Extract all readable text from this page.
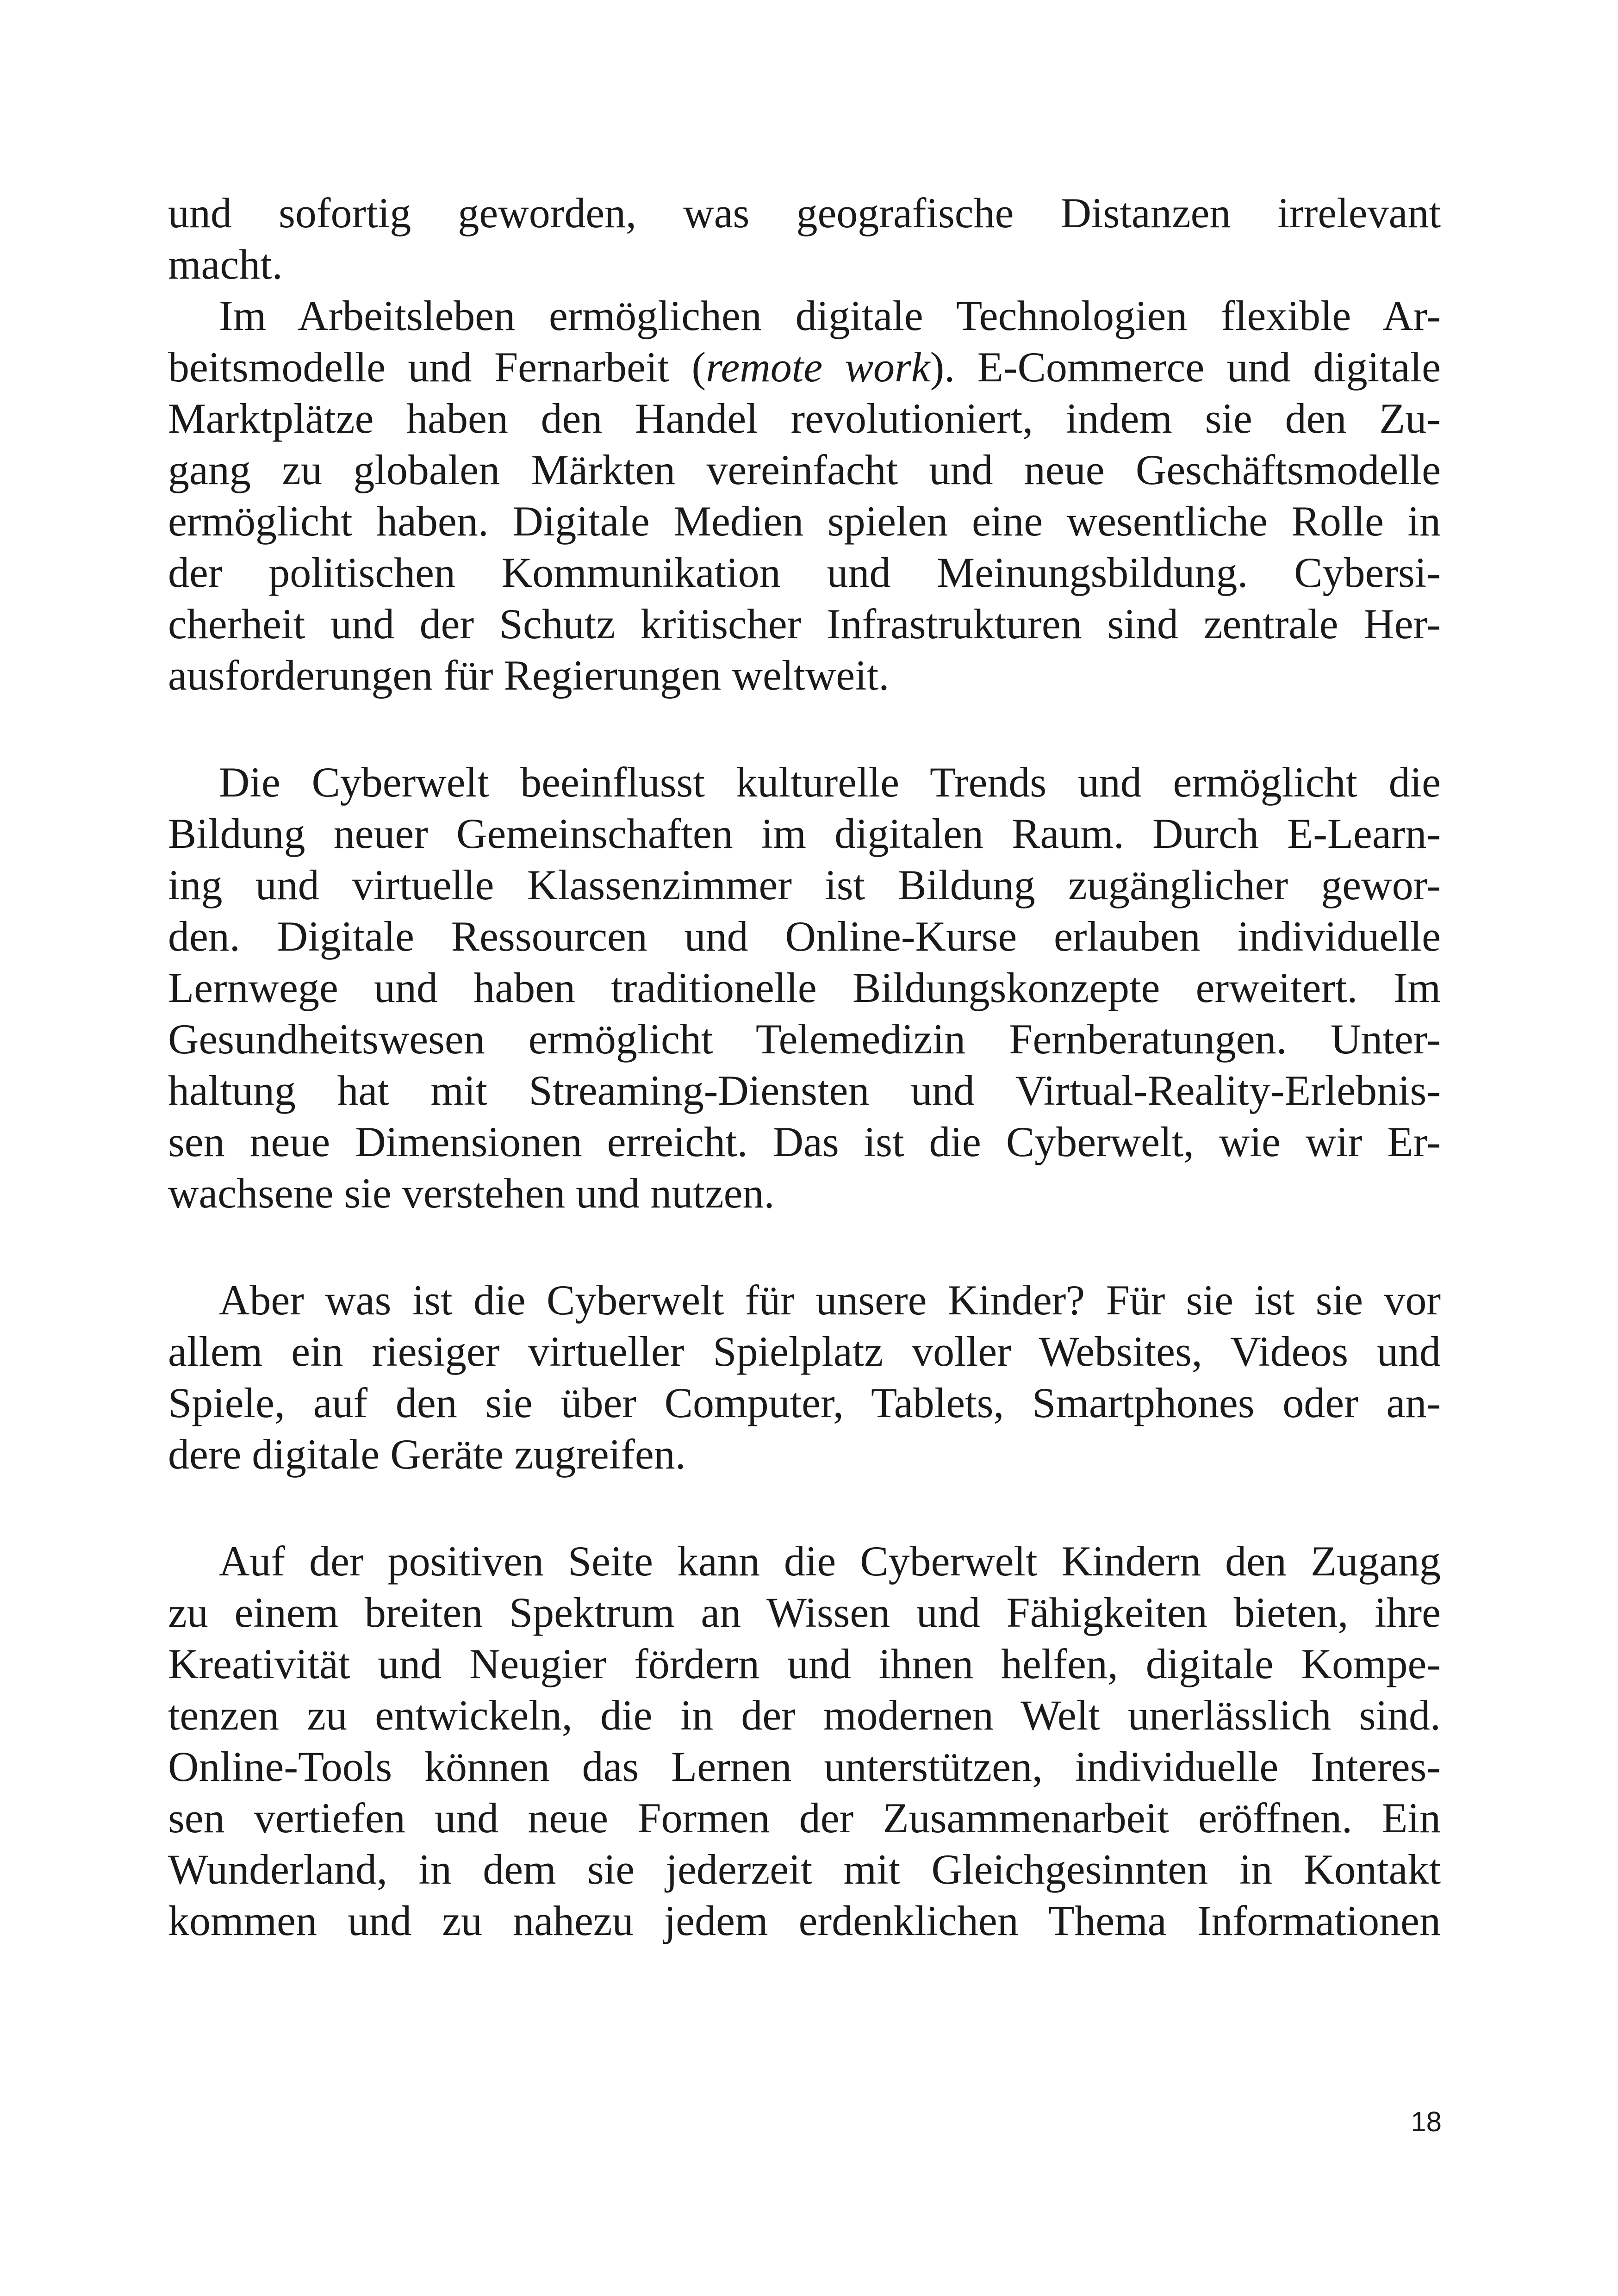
und sofortig geworden, was geografische Distanzen irrelevant
macht.
Im Arbeitsleben ermöglichen digitale Technologien flexible Ar-
beitsmodelle und Fernarbeit (remote work). E-Commerce und digitale
Marktplätze haben den Handel revolutioniert, indem sie den Zu-
gang zu globalen Märkten vereinfacht und neue Geschäftsmodelle
ermöglicht haben. Digitale Medien spielen eine wesentliche Rolle in
der politischen Kommunikation und Meinungsbildung. Cybersi-
cherheit und der Schutz kritischer Infrastrukturen sind zentrale Her-
ausforderungen für Regierungen weltweit.
Die Cyberwelt beeinflusst kulturelle Trends und ermöglicht die
Bildung neuer Gemeinschaften im digitalen Raum. Durch E-Learn-
ing und virtuelle Klassenzimmer ist Bildung zugänglicher gewor-
den. Digitale Ressourcen und Online-Kurse erlauben individuelle
Lernwege und haben traditionelle Bildungskonzepte erweitert. Im
Gesundheitswesen ermöglicht Telemedizin Fernberatungen. Unter-
haltung hat mit Streaming-Diensten und Virtual-Reality-Erlebnis-
sen neue Dimensionen erreicht. Das ist die Cyberwelt, wie wir Er-
wachsene sie verstehen und nutzen.
Aber was ist die Cyberwelt für unsere Kinder? Für sie ist sie vor
allem ein riesiger virtueller Spielplatz voller Websites, Videos und
Spiele, auf den sie über Computer, Tablets, Smartphones oder an-
dere digitale Geräte zugreifen.
Auf der positiven Seite kann die Cyberwelt Kindern den Zugang
zu einem breiten Spektrum an Wissen und Fähigkeiten bieten, ihre
Kreativität und Neugier fördern und ihnen helfen, digitale Kompe-
tenzen zu entwickeln, die in der modernen Welt unerlässlich sind.
Online-Tools können das Lernen unterstützen, individuelle Interes-
sen vertiefen und neue Formen der Zusammenarbeit eröffnen. Ein
Wunderland, in dem sie jederzeit mit Gleichgesinnten in Kontakt
kommen und zu nahezu jedem erdenklichen Thema Informationen
18
